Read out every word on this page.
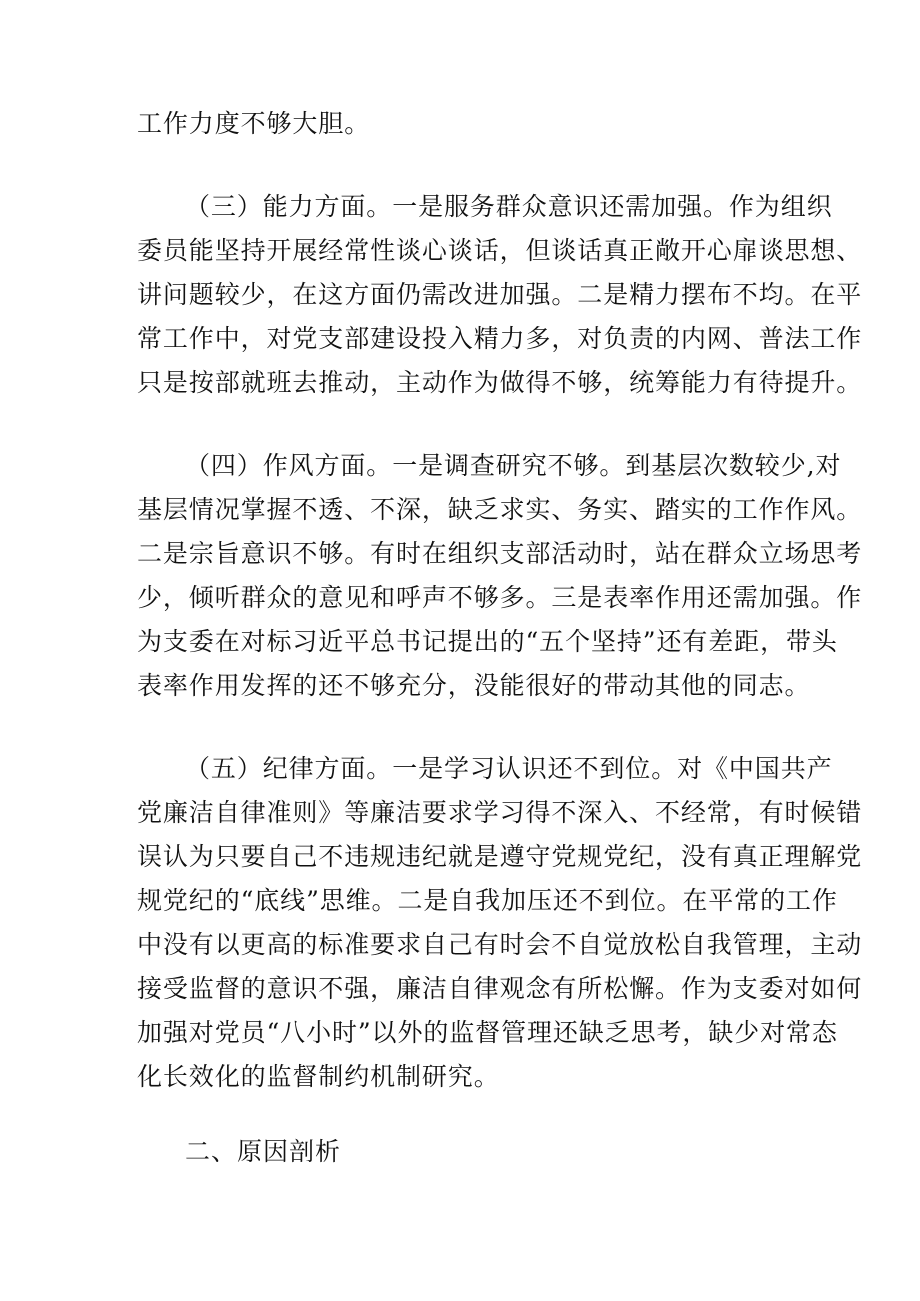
工作力度不够大胆。
（三）能力方面。一是服务群众意识还需加强。作为组织
委员能坚持开展经常性谈心谈话，但谈话真正敞开心扉谈思想、
讲问题较少，在这方面仍需改进加强。二是精力摆布不均。在平
常工作中，对党支部建设投入精力多，对负责的内网、普法工作
只是按部就班去推动，主动作为做得不够，统筹能力有待提升。
（四）作风方面。一是调查研究不够。到基层次数较少,对
基层情况掌握不透、不深，缺乏求实、务实、踏实的工作作风。
二是宗旨意识不够。有时在组织支部活动时，站在群众立场思考
少，倾听群众的意见和呼声不够多。三是表率作用还需加强。作
为支委在对标习近平总书记提出的“五个坚持”还有差距，带头
表率作用发挥的还不够充分，没能很好的带动其他的同志。
（五）纪律方面。一是学习认识还不到位。对《中国共产
党廉洁自律准则》等廉洁要求学习得不深入、不经常，有时候错
误认为只要自己不违规违纪就是遵守党规党纪，没有真正理解党
规党纪的“底线”思维。二是自我加压还不到位。在平常的工作
中没有以更高的标准要求自己有时会不自觉放松自我管理，主动
接受监督的意识不强，廉洁自律观念有所松懈。作为支委对如何
加强对党员“八小时”以外的监督管理还缺乏思考，缺少对常态
化长效化的监督制约机制研究。
二、原因剖析
